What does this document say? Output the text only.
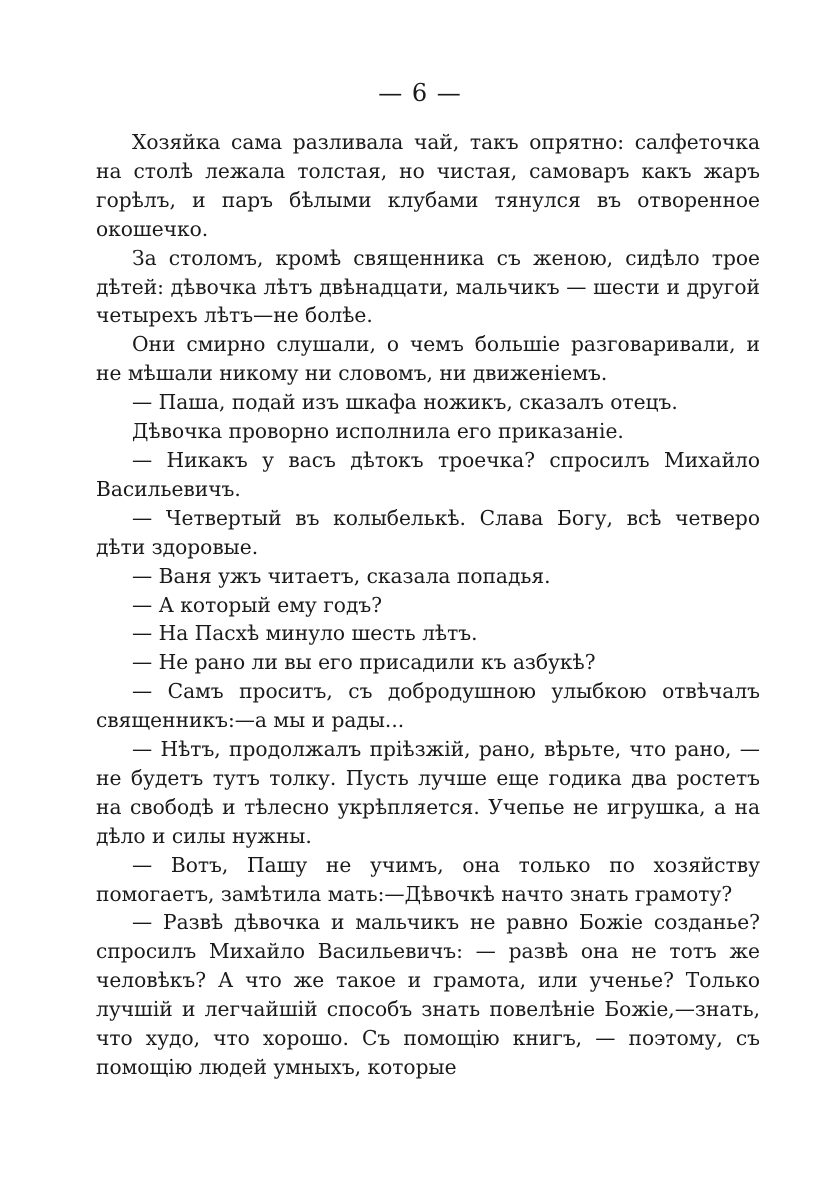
— 6 —

Хозяйка сама разливала чай, такъ опрятно: салфеточка на столѣ лежала толстая, но чистая, самоваръ какъ жаръ горѣлъ, и паръ бѣлыми клубами тянулся въ отворенное окошечко.

За столомъ, кромѣ священника съ женою, сидѣло трое дѣтей: дѣвочка лѣтъ двѣнадцати, мальчикъ — шести и другой четырехъ лѣтъ—не болѣе.

Они смирно слушали, о чемъ большіе разговаривали, и не мѣшали никому ни словомъ, ни движеніемъ.

— Паша, подай изъ шкафа ножикъ, сказалъ отецъ.

Дѣвочка проворно исполнила его приказаніе.

— Никакъ у васъ дѣтокъ троечка? спросилъ Михайло Васильевичъ.

— Четвертый въ колыбелькѣ. Слава Богу, всѣ четверо дѣти здоровые.

— Ваня ужъ читаетъ, сказала попадья.

— А который ему годъ?

— На Пасхѣ минуло шесть лѣтъ.

— Не рано ли вы его присадили къ азбукѣ?

— Самъ проситъ, съ добродушною улыбкою отвѣчалъ священникъ:—а мы и рады...

— Нѣтъ, продолжалъ пріѣзжій, рано, вѣрьте, что рано, — не будетъ тутъ толку. Пусть лучше еще годика два ростетъ на свободѣ и тѣлесно укрѣпляется. Учепье не игрушка, а на дѣло и силы нужны.

— Вотъ, Пашу не учимъ, она только по хозяйству помогаетъ, замѣтила мать:—Дѣвочкѣ начто знать грамоту?

— Развѣ дѣвочка и мальчикъ не равно Божіе созданье? спросилъ Михайло Васильевичъ: — развѣ она не тотъ же человѣкъ? А что же такое и грамота, или ученье? Только лучшій и легчайшій способъ знать повелѣніе Божіе,—знать, что худо, что хорошо. Съ помощію книгъ, — поэтому, съ помощію людей умныхъ, которые
